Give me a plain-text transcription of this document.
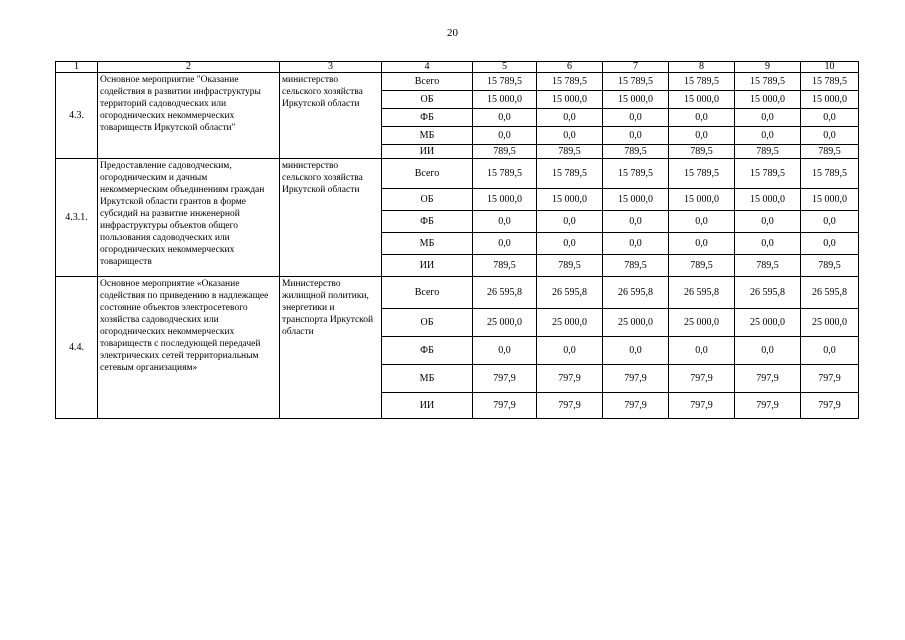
20
1	2	3	4	5	6	7	8	9	10
4.3.	Основное мероприятие "Оказание содействия в развитии инфраструктуры территорий садоводческих или огороднических некоммерческих товариществ Иркутской области"	министерство сельского хозяйства Иркутской области	Всего	15 789,5	15 789,5	15 789,5	15 789,5	15 789,5	15 789,5
			ОБ	15 000,0	15 000,0	15 000,0	15 000,0	15 000,0	15 000,0
			ФБ	0,0	0,0	0,0	0,0	0,0	0,0
			МБ	0,0	0,0	0,0	0,0	0,0	0,0
			ИИ	789,5	789,5	789,5	789,5	789,5	789,5
4.3.1.	Предоставление садоводческим, огородническим и дачным некоммерческим объединениям граждан Иркутской области грантов в форме субсидий на развитие инженерной инфраструктуры объектов общего пользования садоводческих или огороднических некоммерческих товариществ	министерство сельского хозяйства Иркутской области	Всего	15 789,5	15 789,5	15 789,5	15 789,5	15 789,5	15 789,5
			ОБ	15 000,0	15 000,0	15 000,0	15 000,0	15 000,0	15 000,0
			ФБ	0,0	0,0	0,0	0,0	0,0	0,0
			МБ	0,0	0,0	0,0	0,0	0,0	0,0
			ИИ	789,5	789,5	789,5	789,5	789,5	789,5
4.4.	Основное мероприятие «Оказание содействия по приведению в надлежащее состояние объектов электросетевого хозяйства садоводческих или огороднических некоммерческих товариществ с последующей передачей электрических сетей территориальным сетевым организациям»	Министерство жилищной политики, энергетики и транспорта Иркутской области	Всего	26 595,8	26 595,8	26 595,8	26 595,8	26 595,8	26 595,8
			ОБ	25 000,0	25 000,0	25 000,0	25 000,0	25 000,0	25 000,0
			ФБ	0,0	0,0	0,0	0,0	0,0	0,0
			МБ	797,9	797,9	797,9	797,9	797,9	797,9
			ИИ	797,9	797,9	797,9	797,9	797,9	797,9
